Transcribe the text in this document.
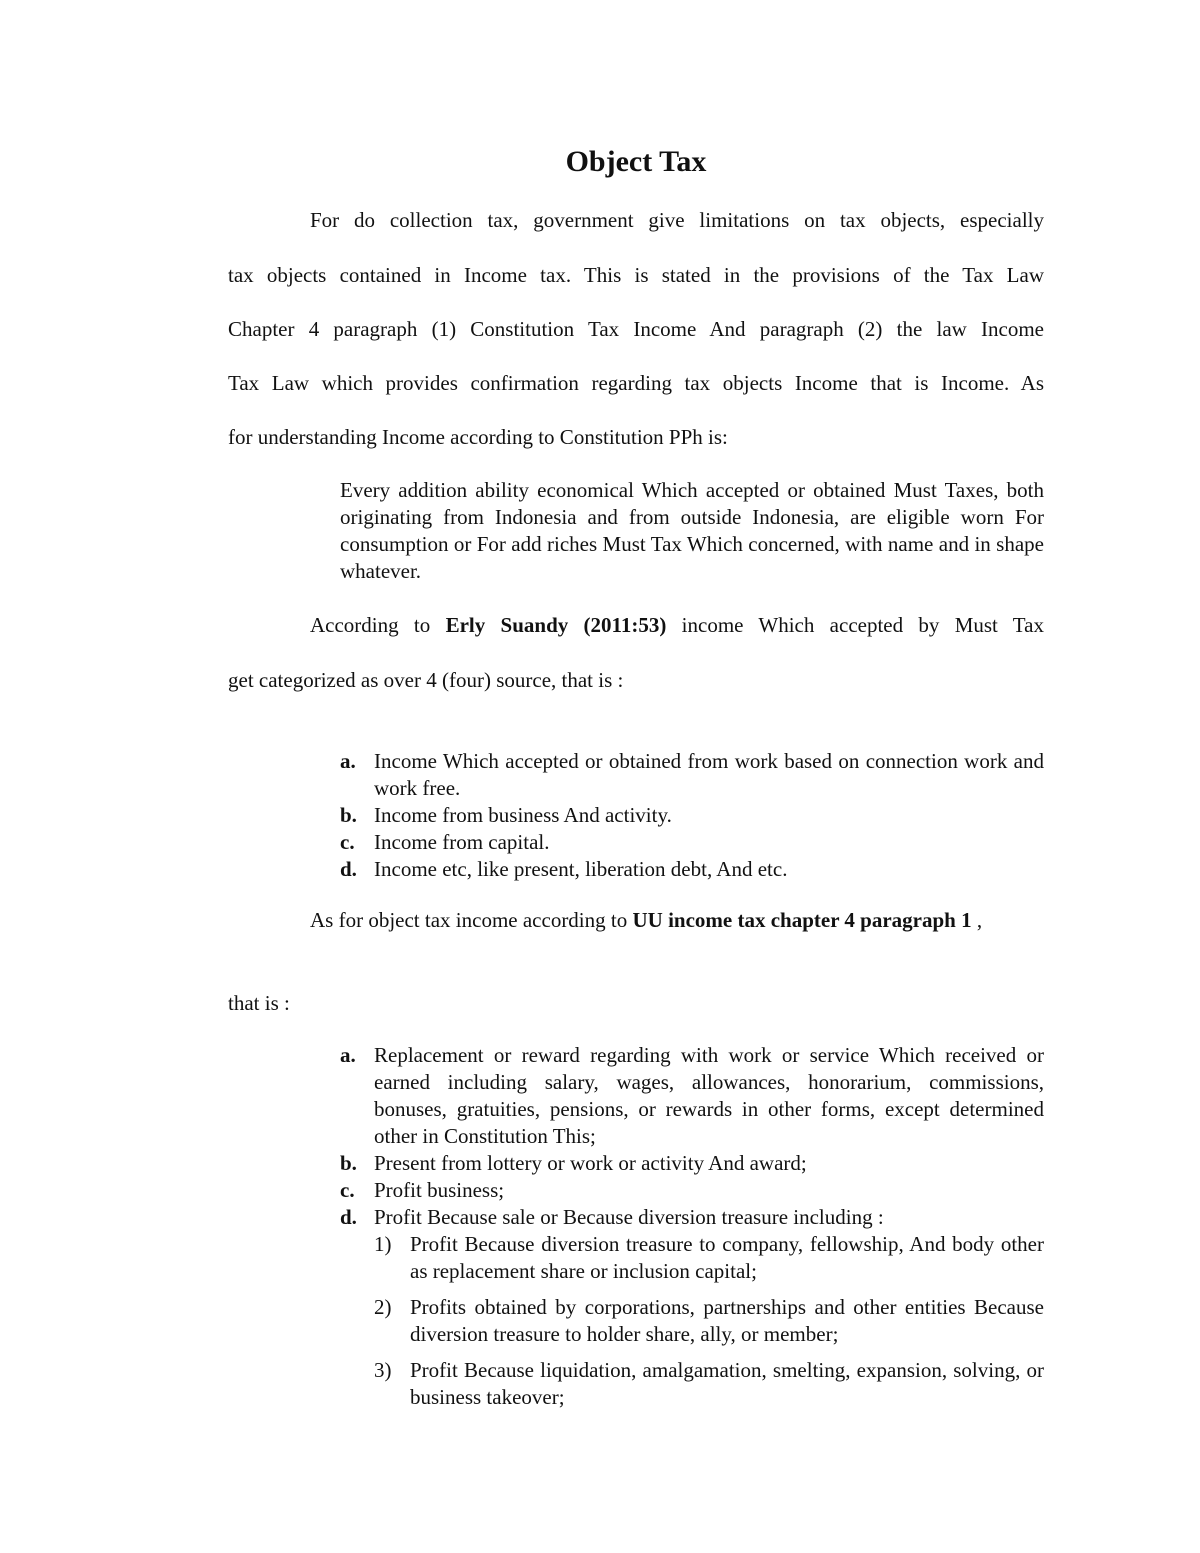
Object Tax
For do collection tax, government give limitations on tax objects, especially
tax objects contained in Income tax. This is stated in the provisions of the Tax Law
Chapter 4 paragraph (1) Constitution Tax Income And paragraph (2) the law Income
Tax Law which provides confirmation regarding tax objects Income that is Income. As
for understanding Income according to Constitution PPh is:
Every addition ability economical Which accepted or obtained Must Taxes, both originating from Indonesia and from outside Indonesia, are eligible worn For consumption or For add riches Must Tax Which concerned, with name and in shape whatever.
According to Erly Suandy (2011:53) income Which accepted by Must Tax
get categorized as over 4 (four) source, that is :
a. Income Which accepted or obtained from work based on connection work and work free.
b. Income from business And activity.
c. Income from capital.
d. Income etc, like present, liberation debt, And etc.
As for object tax income according to UU income tax chapter 4 paragraph 1 ,
that is :
a. Replacement or reward regarding with work or service Which received or earned including salary, wages, allowances, honorarium, commissions, bonuses, gratuities, pensions, or rewards in other forms, except determined other in Constitution This;
b. Present from lottery or work or activity And award;
c. Profit business;
d. Profit Because sale or Because diversion treasure including :
1) Profit Because diversion treasure to company, fellowship, And body other as replacement share or inclusion capital;
2) Profits obtained by corporations, partnerships and other entities Because diversion treasure to holder share, ally, or member;
3) Profit Because liquidation, amalgamation, smelting, expansion, solving, or business takeover;
